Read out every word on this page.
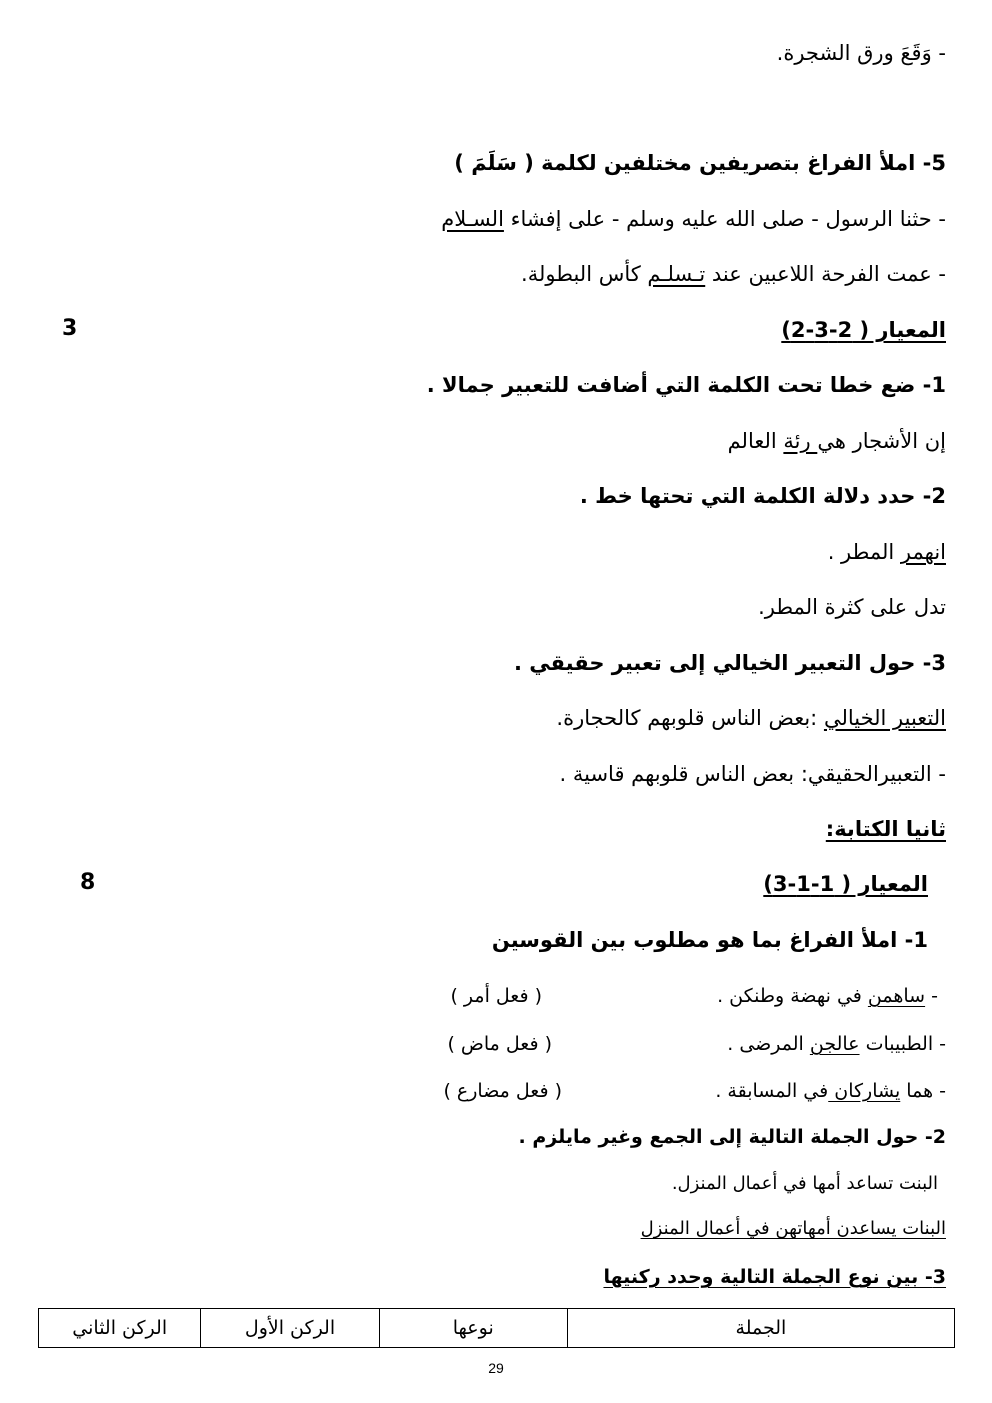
- وَقَعَ ورق الشجرة.
5- املأ الفراغ بتصريفين مختلفين لكلمة ( سَلَمَ )
- حثنا الرسول - صلى الله عليه وسلم - على إفشاء السـلام
- عمت الفرحة اللاعبين عند تـسلـم كأس البطولة.
المعيار ( 2-3-2)
3
1- ضع خطا تحت الكلمة التي أضافت للتعبير جمالا .
إن الأشجار هي رئة العالم
2- حدد دلالة الكلمة التي تحتها خط .
انهمر المطر .
تدل على كثرة المطر.
3- حول التعبير الخيالي إلى تعبير حقيقي .
التعبير الخيالي :بعض الناس قلوبهم كالحجارة.
- التعبيرالحقيقي: بعض الناس قلوبهم قاسية .
ثانيا الكتابة:
المعيار ( 1-1-3)
8
1- املأ الفراغ بما هو مطلوب بين القوسين
- ساهمن في نهضة وطنكن .
( فعل أمر )
- الطبيبات عالجن المرضى .
( فعل ماض )
- هما يشاركان في المسابقة .
( فعل مضارع )
2- حول الجملة التالية إلى الجمع وغير مايلزم .
البنت تساعد أمها في أعمال المنزل.
البنات يساعدن أمهاتهن في أعمال المنزل
3- بين نوع الجملة التالية وحدد ركنيها
الجملة	نوعها	الركن الأول	الركن الثاني
29
